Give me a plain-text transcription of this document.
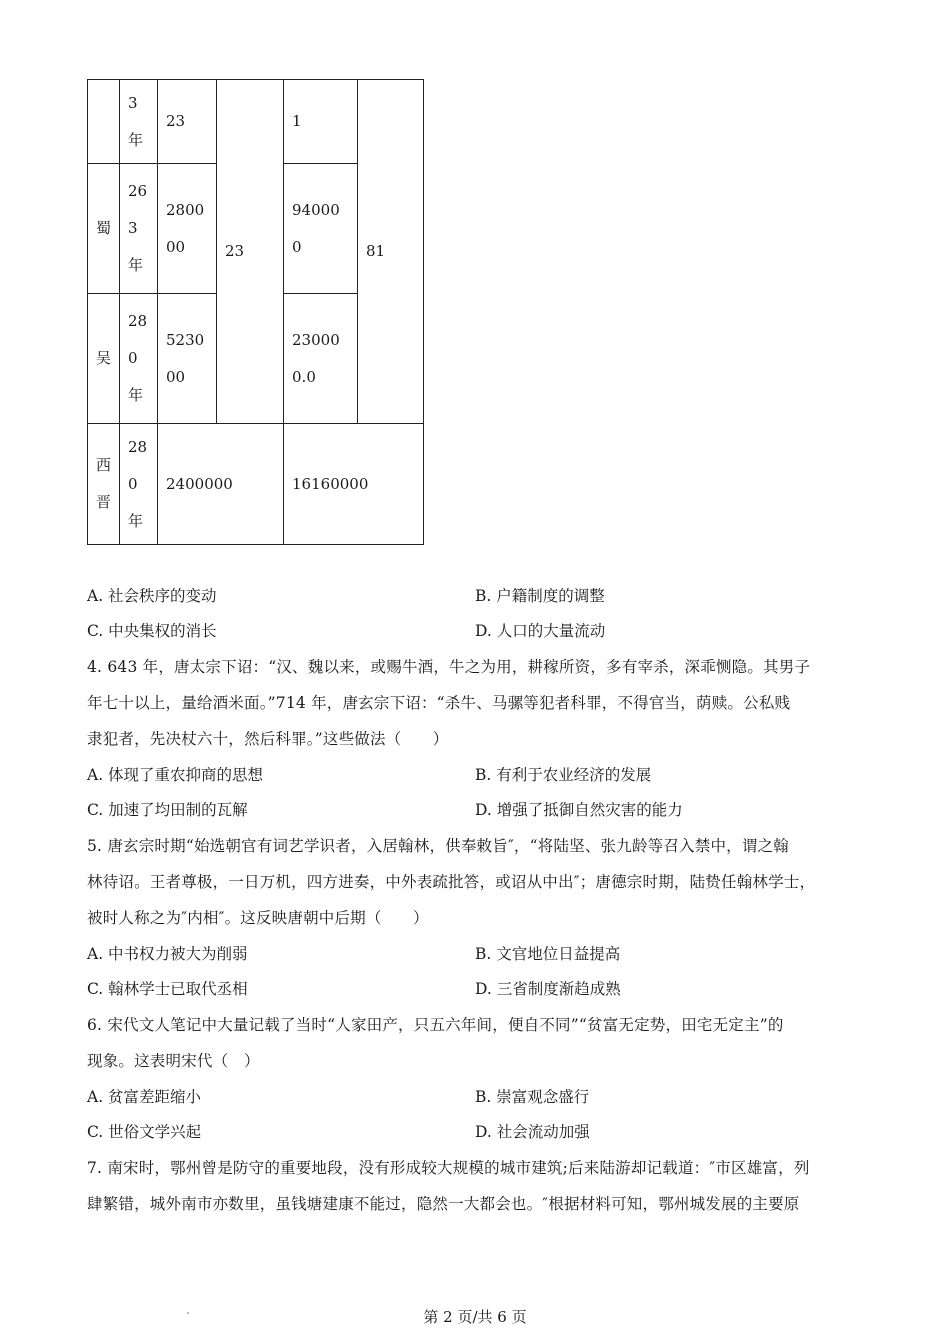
	3年	23	23	1	81
蜀	263年	280000		940000	
吴	280年	523000		230000.0	
西晋	280年	2400000		16160000	
A. 社会秩序的变动	B. 户籍制度的调整
C. 中央集权的消长	D. 人口的大量流动
4. 643 年，唐太宗下诏：“汉、魏以来，或赐牛酒，牛之为用，耕稼所资，多有宰杀，深乖恻隐。其男子
年七十以上，量给酒米面。”714 年，唐玄宗下诏：“杀牛、马骡等犯者科罪，不得官当，荫赎。公私贱
隶犯者，先决杖六十，然后科罪。”这些做法（　　）
A. 体现了重农抑商的思想	B. 有利于农业经济的发展
C. 加速了均田制的瓦解	D. 增强了抵御自然灾害的能力
5. 唐玄宗时期“始选朝官有词艺学识者，入居翰林，供奉敕旨″，“将陆坚、张九龄等召入禁中，谓之翰
林待诏。王者尊极，一日万机，四方进奏，中外表疏批答，或诏从中出″；唐德宗时期，陆贽任翰林学士，
被时人称之为″内相″。这反映唐朝中后期（　　）
A. 中书权力被大为削弱	B. 文官地位日益提高
C. 翰林学士已取代丞相	D. 三省制度渐趋成熟
6. 宋代文人笔记中大量记载了当时“人家田产，只五六年间，便自不同”“贫富无定势，田宅无定主”的
现象。这表明宋代（　）
A. 贫富差距缩小	B. 崇富观念盛行
C. 世俗文学兴起	D. 社会流动加强
7. 南宋时，鄂州曾是防守的重要地段，没有形成较大规模的城市建筑;后来陆游却记载道：″市区雄富，列
肆繁错，城外南市亦数里，虽钱塘建康不能过，隐然一大都会也。″根据材料可知，鄂州城发展的主要原
第 2 页/共 6 页
